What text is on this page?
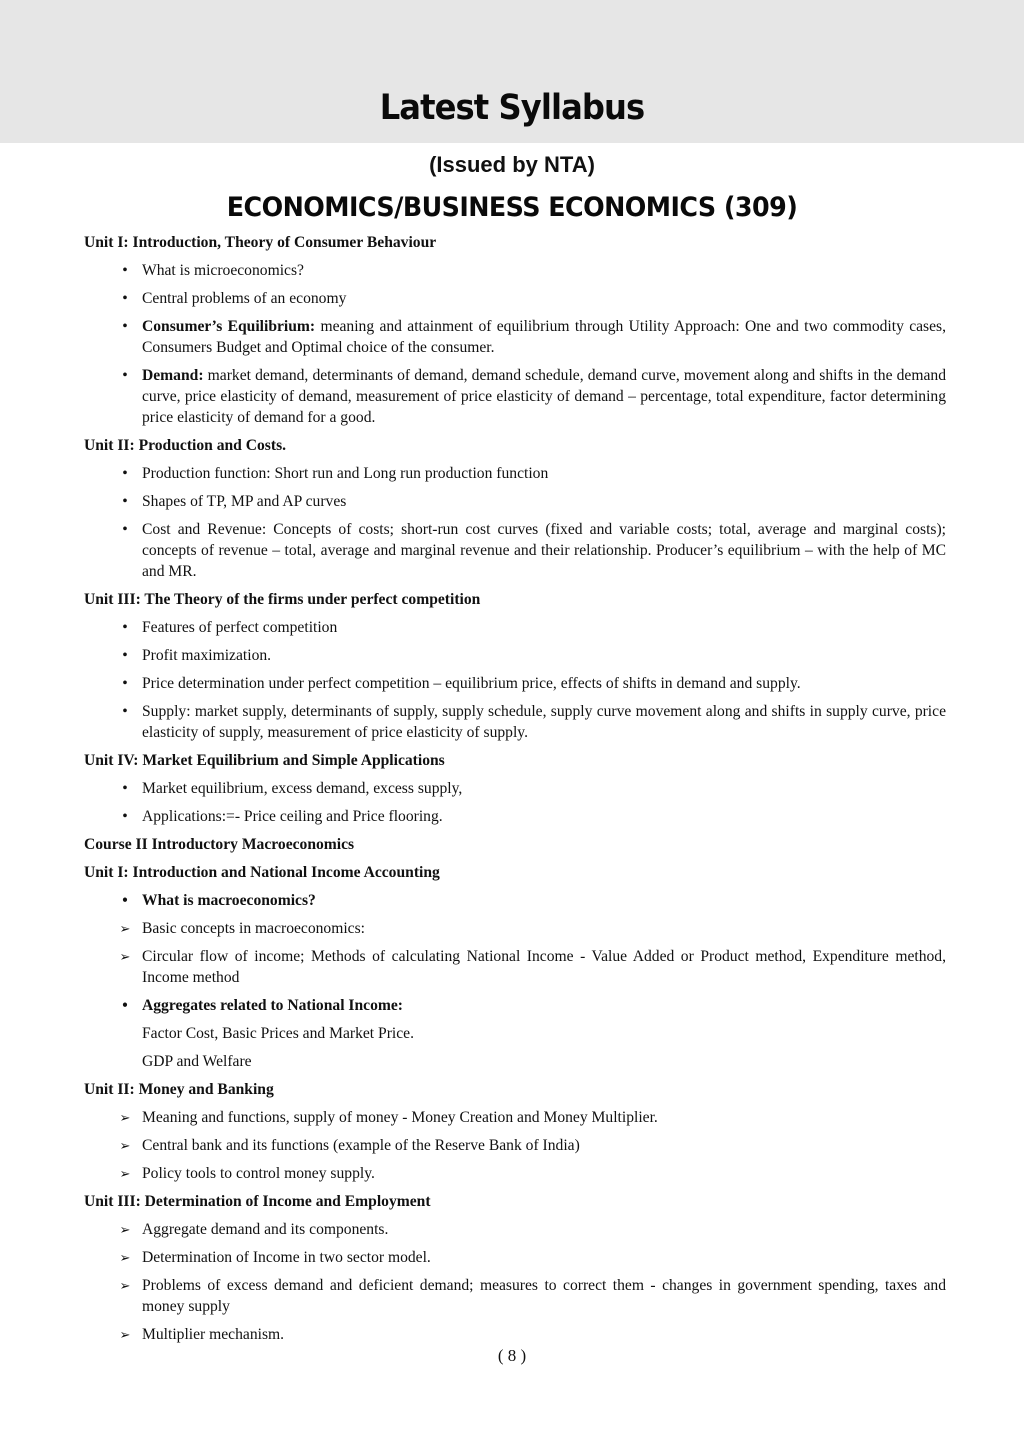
Latest Syllabus
(Issued by NTA)
ECONOMICS/BUSINESS ECONOMICS (309)
Unit I: Introduction, Theory of Consumer Behaviour
• What is microeconomics?
• Central problems of an economy
• Consumer’s Equilibrium: meaning and attainment of equilibrium through Utility Approach: One and two commodity cases, Consumers Budget and Optimal choice of the consumer.
• Demand: market demand, determinants of demand, demand schedule, demand curve, movement along and shifts in the demand curve, price elasticity of demand, measurement of price elasticity of demand – percentage, total expenditure, factor determining price elasticity of demand for a good.
Unit II: Production and Costs.
• Production function: Short run and Long run production function
• Shapes of TP, MP and AP curves
• Cost and Revenue: Concepts of costs; short-run cost curves (fixed and variable costs; total, average and marginal costs); concepts of revenue – total, average and marginal revenue and their relationship. Producer’s equilibrium – with the help of MC and MR.
Unit III: The Theory of the firms under perfect competition
• Features of perfect competition
• Profit maximization.
• Price determination under perfect competition – equilibrium price, effects of shifts in demand and supply.
• Supply: market supply, determinants of supply, supply schedule, supply curve movement along and shifts in supply curve, price elasticity of supply, measurement of price elasticity of supply.
Unit IV: Market Equilibrium and Simple Applications
• Market equilibrium, excess demand, excess supply,
• Applications:=- Price ceiling and Price flooring.
Course II Introductory Macroeconomics
Unit I: Introduction and National Income Accounting
• What is macroeconomics?
➢ Basic concepts in macroeconomics:
➢ Circular flow of income; Methods of calculating National Income - Value Added or Product method, Expenditure method, Income method
• Aggregates related to National Income:
Factor Cost, Basic Prices and Market Price.
GDP and Welfare
Unit II: Money and Banking
➢ Meaning and functions, supply of money - Money Creation and Money Multiplier.
➢ Central bank and its functions (example of the Reserve Bank of India)
➢ Policy tools to control money supply.
Unit III: Determination of Income and Employment
➢ Aggregate demand and its components.
➢ Determination of Income in two sector model.
➢ Problems of excess demand and deficient demand; measures to correct them - changes in government spending, taxes and money supply
➢ Multiplier mechanism.
( 8 )
